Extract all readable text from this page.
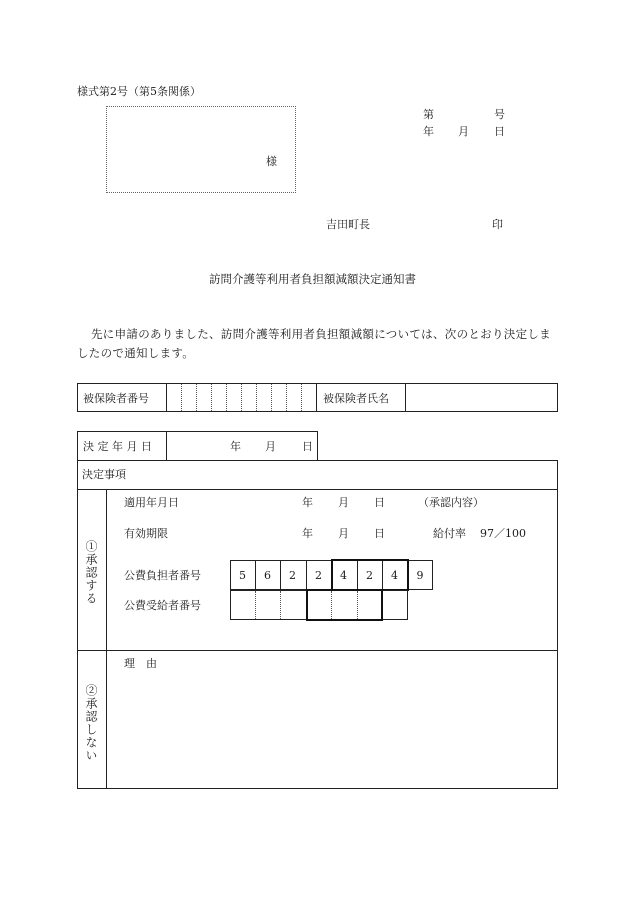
様式第2号（第5条関係）
様
第	号
年 月 日
吉田町長	印
訪問介護等利用者負担額減額決定通知書
先に申請のありました、訪問介護等利用者負担額減額については、次のとおり決定しま
したので通知します。
被保険者番号	被保険者氏名
決 定 年 月 日	年 月 日
決定事項
①承認する
適用年月日	年 月 日	（承認内容）
有効期限	年 月 日	給付率 97／100
公費負担者番号	5	6	2	2	4	2	4	9
公費受給者番号
②承認しない
理　由
